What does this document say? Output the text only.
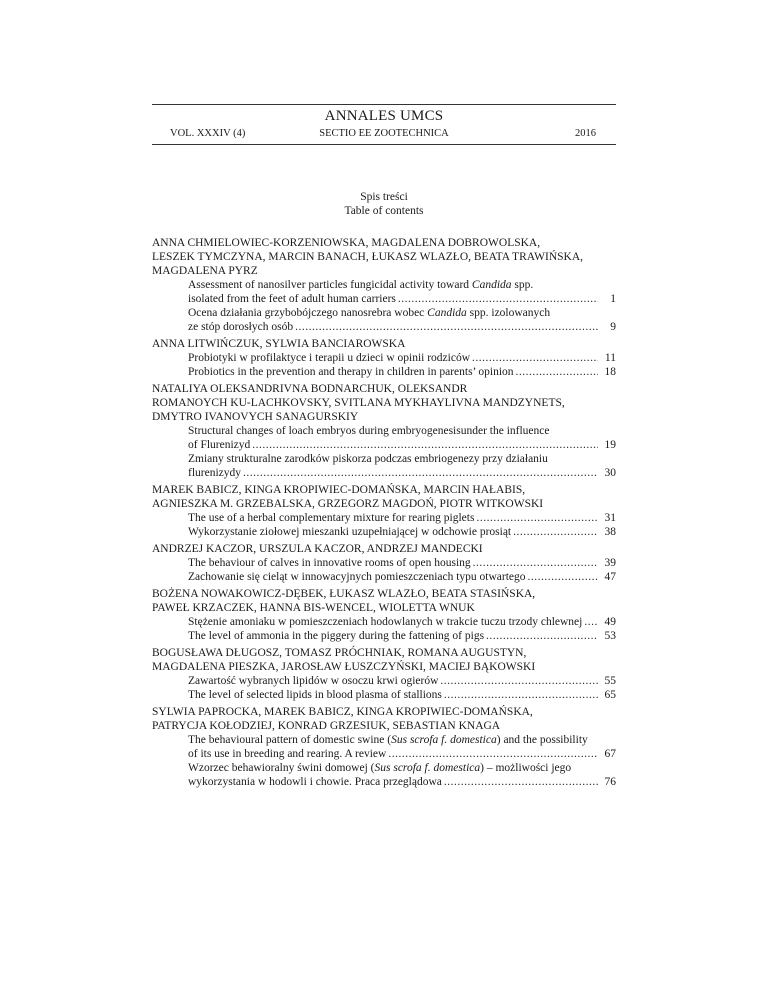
ANNALES UMCS
VOL. XXXIV (4)	SECTIO EE ZOOTECHNICA	2016
Spis treści
Table of contents
ANNA CHMIELOWIEC-KORZENIOWSKA, MAGDALENA DOBROWOLSKA,
LESZEK TYMCZYNA, MARCIN BANACH, ŁUKASZ WLAZŁO, BEATA TRAWIŃSKA,
MAGDALENA PYRZ
Assessment of nanosilver particles fungicidal activity toward Candida spp.
isolated from the feet of adult human carriers .....	1
Ocena działania grzybobójczego nanosrebra wobec Candida spp. izolowanych
ze stóp dorosłych osób .....	9
ANNA LITWIŃCZUK, SYLWIA BANCIAROWSKA
Probiotyki w profilaktyce i terapii u dzieci w opinii rodziców .....	11
Probiotics in the prevention and therapy in children in parents’ opinion .....	18
NATALIYA OLEKSANDRIVNA BODNARCHUK, OLEKSANDR
ROMANOYCH KU-LACHKOVSKY, SVITLANA MYKHAYLIVNA MANDZYNETS,
DMYTRO IVANOVYCH SANAGURSKIY
Structural changes of loach embryos during embryogenesisunder the influence
of Flurenizyd .....	19
Zmiany strukturalne zarodków piskorza podczas embriogenezy przy działaniu
flurenizydy .....	30
MAREK BABICZ, KINGA KROPIWIEC-DOMAŃSKA, MARCIN HAŁABIS,
AGNIESZKA M. GRZEBALSKA, GRZEGORZ MAGDOŃ, PIOTR WITKOWSKI
The use of a herbal complementary mixture for rearing piglets .....	31
Wykorzystanie ziołowej mieszanki uzupełniającej w odchowie prosiąt .....	38
ANDRZEJ KACZOR, URSZULA KACZOR, ANDRZEJ MANDECKI
The behaviour of calves in innovative rooms of open housing .....	39
Zachowanie się cieląt w innowacyjnych pomieszczeniach typu otwartego .....	47
BOŻENA NOWAKOWICZ-DĘBEK, ŁUKASZ WLAZŁO, BEATA STASIŃSKA,
PAWEŁ KRZACZEK, HANNA BIS-WENCEL, WIOLETTA WNUK
Stężenie amoniaku w pomieszczeniach hodowlanych w trakcie tuczu trzody chlewnej .....	49
The level of ammonia in the piggery during the fattening of pigs .....	53
BOGUSŁAWA DŁUGOSZ, TOMASZ PRÓCHNIAK, ROMANA AUGUSTYN,
MAGDALENA PIESZKA, JAROSŁAW ŁUSZCZYŃSKI, MACIEJ BĄKOWSKI
Zawartość wybranych lipidów w osoczu krwi ogierów .....	55
The level of selected lipids in blood plasma of stallions .....	65
SYLWIA PAPROCKA, MAREK BABICZ, KINGA KROPIWIEC-DOMAŃSKA,
PATRYCJA KOŁODZIEJ, KONRAD GRZESIUK, SEBASTIAN KNAGA
The behavioural pattern of domestic swine (Sus scrofa f. domestica) and the possibility
of its use in breeding and rearing. A review .....	67
Wzorzec behawioralny świni domowej (Sus scrofa f. domestica) – możliwości jego
wykorzystania w hodowli i chowie. Praca przeglądowa .....	76
